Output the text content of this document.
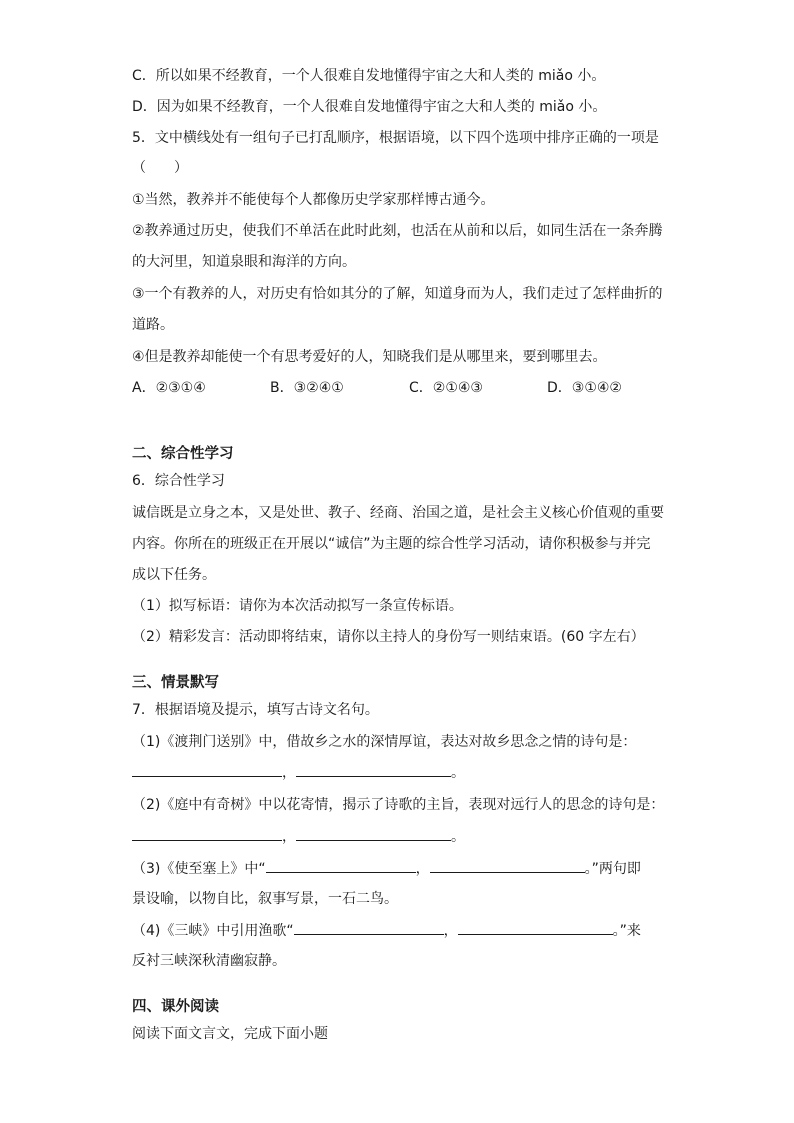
C．所以如果不经教育，一个人很难自发地懂得宇宙之大和人类的 miǎo 小。
D．因为如果不经教育，一个人很难自发地懂得宇宙之大和人类的 miǎo 小。
5．文中横线处有一组句子已打乱顺序，根据语境，以下四个选项中排序正确的一项是
（　　）
①当然，教养并不能使每个人都像历史学家那样博古通今。
②教养通过历史，使我们不单活在此时此刻，也活在从前和以后，如同生活在一条奔腾
的大河里，知道泉眼和海洋的方向。
③一个有教养的人，对历史有恰如其分的了解，知道身而为人，我们走过了怎样曲折的
道路。
④但是教养却能使一个有思考爱好的人，知晓我们是从哪里来，要到哪里去。
A．②③①④	B．③②④①	C．②①④③	D．③①④②
二、综合性学习
6．综合性学习
诚信既是立身之本，又是处世、教子、经商、治国之道，是社会主义核心价值观的重要
内容。你所在的班级正在开展以“诚信”为主题的综合性学习活动，请你积极参与并完
成以下任务。
（1）拟写标语：请你为本次活动拟写一条宣传标语。
（2）精彩发言：活动即将结束，请你以主持人的身份写一则结束语。(60 字左右）
三、情景默写
7．根据语境及提示，填写古诗文名句。
（1)《渡荆门送别》中，借故乡之水的深情厚谊，表达对故乡思念之情的诗句是：
，	。
（2)《庭中有奇树》中以花寄情，揭示了诗歌的主旨，表现对远行人的思念的诗句是：
，	。
（3)《使至塞上》中“	，	。”两句即
景设喻，以物自比，叙事写景，一石二鸟。
（4)《三峡》中引用渔歌“	，	。”来
反衬三峡深秋清幽寂静。
四、课外阅读
阅读下面文言文，完成下面小题
